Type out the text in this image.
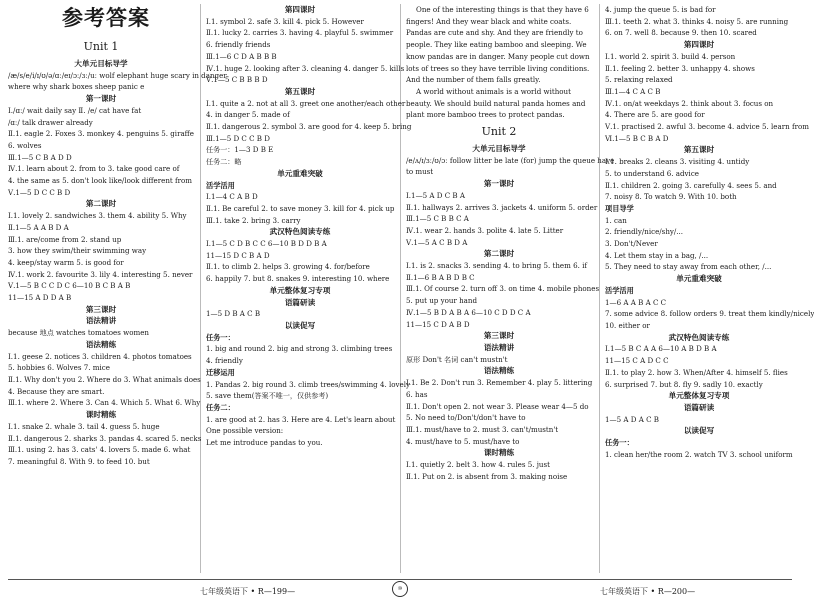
参考答案
Unit 1
大单元目标导学
/æ/s/e/i/ɪ/ʊ/ə/ɑː/eɪ/ɔː/ɜː/uː wolf elephant huge scary in danger
where why shark boxes sheep panic e
第一课时
Ⅰ./ɑː/ wait daily say Ⅱ. /e/ cat have fat
/ɑː/ talk drawer already
Ⅱ.1. eagle 2. Foxes 3. monkey 4. penguins 5. giraffe
6. wolves
Ⅲ.1—5 C B A D D
Ⅳ.1. learn about 2. from to 3. take good care of
4. the same as 5. don't look like/look different from
Ⅴ.1—5 D C C B D
第二课时
Ⅰ.1. lovely 2. sandwiches 3. them 4. ability 5. Why
Ⅱ.1—5 A A B D A
Ⅲ.1. are/come from 2. stand up
3. how they swim/their swimming way
4. keep/stay warm 5. is good for
Ⅳ.1. work 2. favourite 3. lily 4. interesting 5. never
Ⅴ.1—5 B C C D C 6—10 B C B A B
11—15 A D D A B
第三课时
语法精讲
because 地点 watches tomatoes women
语法精练
Ⅰ.1. geese 2. notices 3. children 4. photos tomatoes
5. hobbies 6. Wolves 7. mice
Ⅱ.1. Why don't you 2. Where do 3. What animals does
4. Because they are smart.
Ⅲ.1. where 2. Where 3. Can 4. Which 5. What 6. Why
课时精练
Ⅰ.1. snake 2. whale 3. tail 4. guess 5. huge
Ⅱ.1. dangerous 2. sharks 3. pandas 4. scared 5. necks
Ⅲ.1. using 2. has 3. cats' 4. lovers 5. made 6. what
7. meaningful 8. With 9. to feed 10. but
第四课时
Ⅰ.1. symbol 2. safe 3. kill 4. pick 5. However
Ⅱ.1. lucky 2. carries 3. having 4. playful 5. swimmer
6. friendly friends
Ⅲ.1—6 C D A B B B
Ⅳ.1. huge 2. looking after 3. cleaning 4. danger 5. kills
Ⅴ.1—5 C B B B D
第五课时
Ⅰ.1. quite a 2. not at all 3. greet one another/each other
4. in danger 5. made of
Ⅱ.1. dangerous 2. symbol 3. are good for 4. keep 5. bring
Ⅲ.1—5 D C C B D
任务一：1—3 D B E
任务二：略
单元重难突破
活学活用
Ⅰ.1—4 C A B D
Ⅱ.1. Be careful 2. to save money 3. kill for 4. pick up
Ⅲ.1. take 2. bring 3. carry
武汉特色阅读专练
Ⅰ.1—5 C D B C C 6—10 B D D B A
11—15 D C B A D
Ⅱ.1. to climb 2. helps 3. growing 4. for/before
6. happily 7. but 8. snakes 9. interesting 10. where
单元整体复习专项
语篇研读
1—5 D B A C B
以读促写
任务一：
1. big and round 2. big and strong 3. climbing trees
4. friendly
迁移运用
1. Pandas 2. big round 3. climb trees/swimming 4. lovely
5. save them(答案不唯一，仅供参考)
任务二：
1. are good at 2. has 3. Here are 4. Let's learn about
One possible version:
Let me introduce pandas to you.
One of the interesting things is that they have 6 fingers! And they wear black and white coats. Pandas are cute and shy. And they are friendly to people. They like eating bamboo and sleeping. We know pandas are in danger. Many people cut down lots of trees so they have terrible living conditions. And the number of them falls greatly.
A world without animals is a world without beauty. We should build natural panda homes and plant more bamboo trees to protect pandas.
Unit 2
大单元目标导学
/e/ʌ/ɪ/ɜː/ʊ/ɔː follow litter be late (for) jump the queue have
to must
第一课时
Ⅰ.1—5 A D C B A
Ⅱ.1. hallways 2. arrives 3. jackets 4. uniform 5. order
Ⅲ.1—5 C B B C A
Ⅳ.1. wear 2. hands 3. polite 4. late 5. Litter
Ⅴ.1—5 A C B D A
第二课时
Ⅰ.1. is 2. snacks 3. sending 4. to bring 5. them 6. if
Ⅱ.1—6 B A B D B C
Ⅲ.1. Of course 2. turn off 3. on time 4. mobile phones
5. put up your hand
Ⅳ.1—5 B D A B A 6—10 C D D C A
11—15 C D A B D
第三课时
语法精讲
原形 Don't 名词 can't mustn't
语法精练
Ⅰ.1. Be 2. Don't run 3. Remember 4. play 5. littering
6. has
Ⅱ.1. Don't open 2. not wear 3. Please wear 4—5 do
5. No need to/Don't/don't have to
Ⅲ.1. must/have to 2. must 3. can't/mustn't
4. must/have to 5. must/have to
课时精练
Ⅰ.1. quietly 2. belt 3. how 4. rules 5. just
Ⅱ.1. Put on 2. is absent from 3. making noise
4. jump the queue 5. is bad for
Ⅲ.1. teeth 2. what 3. thinks 4. noisy 5. are running
6. on 7. well 8. because 9. then 10. scared
第四课时
Ⅰ.1. world 2. spirit 3. build 4. person
Ⅱ.1. feeling 2. better 3. unhappy 4. shows
5. relaxing relaxed
Ⅲ.1—4 C A C B
Ⅳ.1. on/at weekdays 2. think about 3. focus on
4. There are 5. are good for
Ⅴ.1. practised 2. awful 3. become 4. advice 5. learn from
Ⅵ.1—5 B C B A D
第五课时
Ⅰ.1. breaks 2. cleans 3. visiting 4. untidy
5. to understand 6. advice
Ⅱ.1. children 2. going 3. carefully 4. sees 5. and
7. noisy 8. To watch 9. With 10. both
项目导学
1. can
2. friendly/nice/shy/...
3. Don't/Never
4. Let them stay in a bag, /...
5. They need to stay away from each other, /...
单元重难突破
活学活用
1—6 A A B A C C
7. some advice 8. follow orders 9. treat them kindly/nicely
10. either or
武汉特色阅读专练
Ⅰ.1—5 B C A A 6—10 A B D B A
11—15 C A D C C
Ⅱ.1. to play 2. how 3. When/After 4. himself 5. flies
6. surprised 7. but 8. fly 9. sadly 10. exactly
单元整体复习专项
语篇研读
1—5 A D A C B
以读促写
任务一：
1. clean her/the room 2. watch TV 3. school uniform
七年级英语下 • R—199—	⑩	七年级英语下 • R—200—
